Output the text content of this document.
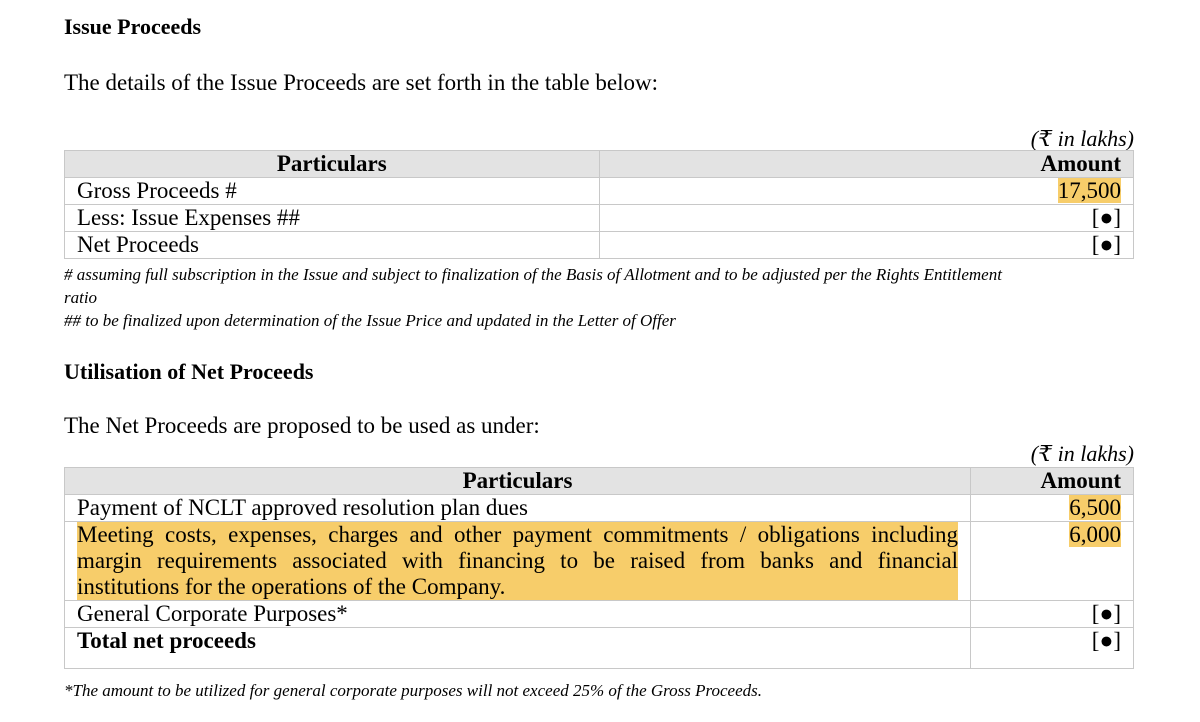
Issue Proceeds
The details of the Issue Proceeds are set forth in the table below:
(₹ in lakhs)
Particulars	Amount
Gross Proceeds #	17,500
Less: Issue Expenses ##	[●]
Net Proceeds	[●]
# assuming full subscription in the Issue and subject to finalization of the Basis of Allotment and to be adjusted per the Rights Entitlement
ratio
## to be finalized upon determination of the Issue Price and updated in the Letter of Offer
Utilisation of Net Proceeds
The Net Proceeds are proposed to be used as under:
(₹ in lakhs)
Particulars	Amount
Payment of NCLT approved resolution plan dues	6,500

Meeting costs, expenses, charges and other payment commitments / obligations including margin requirements associated with financing to be raised from banks and financial institutions for the operations of the Company.	6,000
General Corporate Purposes*	[●]
Total net proceeds	[●]
*The amount to be utilized for general corporate purposes will not exceed 25% of the Gross Proceeds.
